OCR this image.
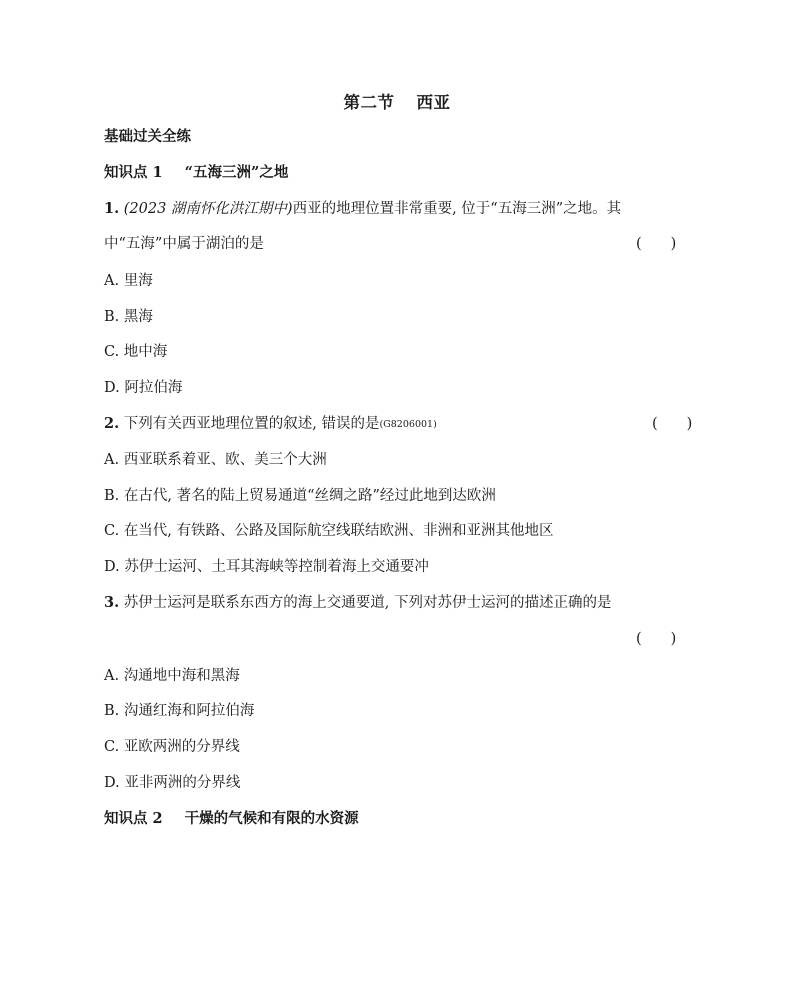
第二节 西亚
基础过关全练
知识点 1 “五海三洲”之地
1. (2023 湖南怀化洪江期中)西亚的地理位置非常重要, 位于“五海三洲”之地。其
中“五海”中属于湖泊的是	(　　)
A. 里海
B. 黑海
C. 地中海
D. 阿拉伯海
2. 下列有关西亚地理位置的叙述, 错误的是(G8206001)	(　　)
A. 西亚联系着亚、欧、美三个大洲
B. 在古代, 著名的陆上贸易通道“丝绸之路”经过此地到达欧洲
C. 在当代, 有铁路、公路及国际航空线联结欧洲、非洲和亚洲其他地区
D. 苏伊士运河、土耳其海峡等控制着海上交通要冲
3. 苏伊士运河是联系东西方的海上交通要道, 下列对苏伊士运河的描述正确的是
(　　)
A. 沟通地中海和黑海
B. 沟通红海和阿拉伯海
C. 亚欧两洲的分界线
D. 亚非两洲的分界线
知识点 2 干燥的气候和有限的水资源
